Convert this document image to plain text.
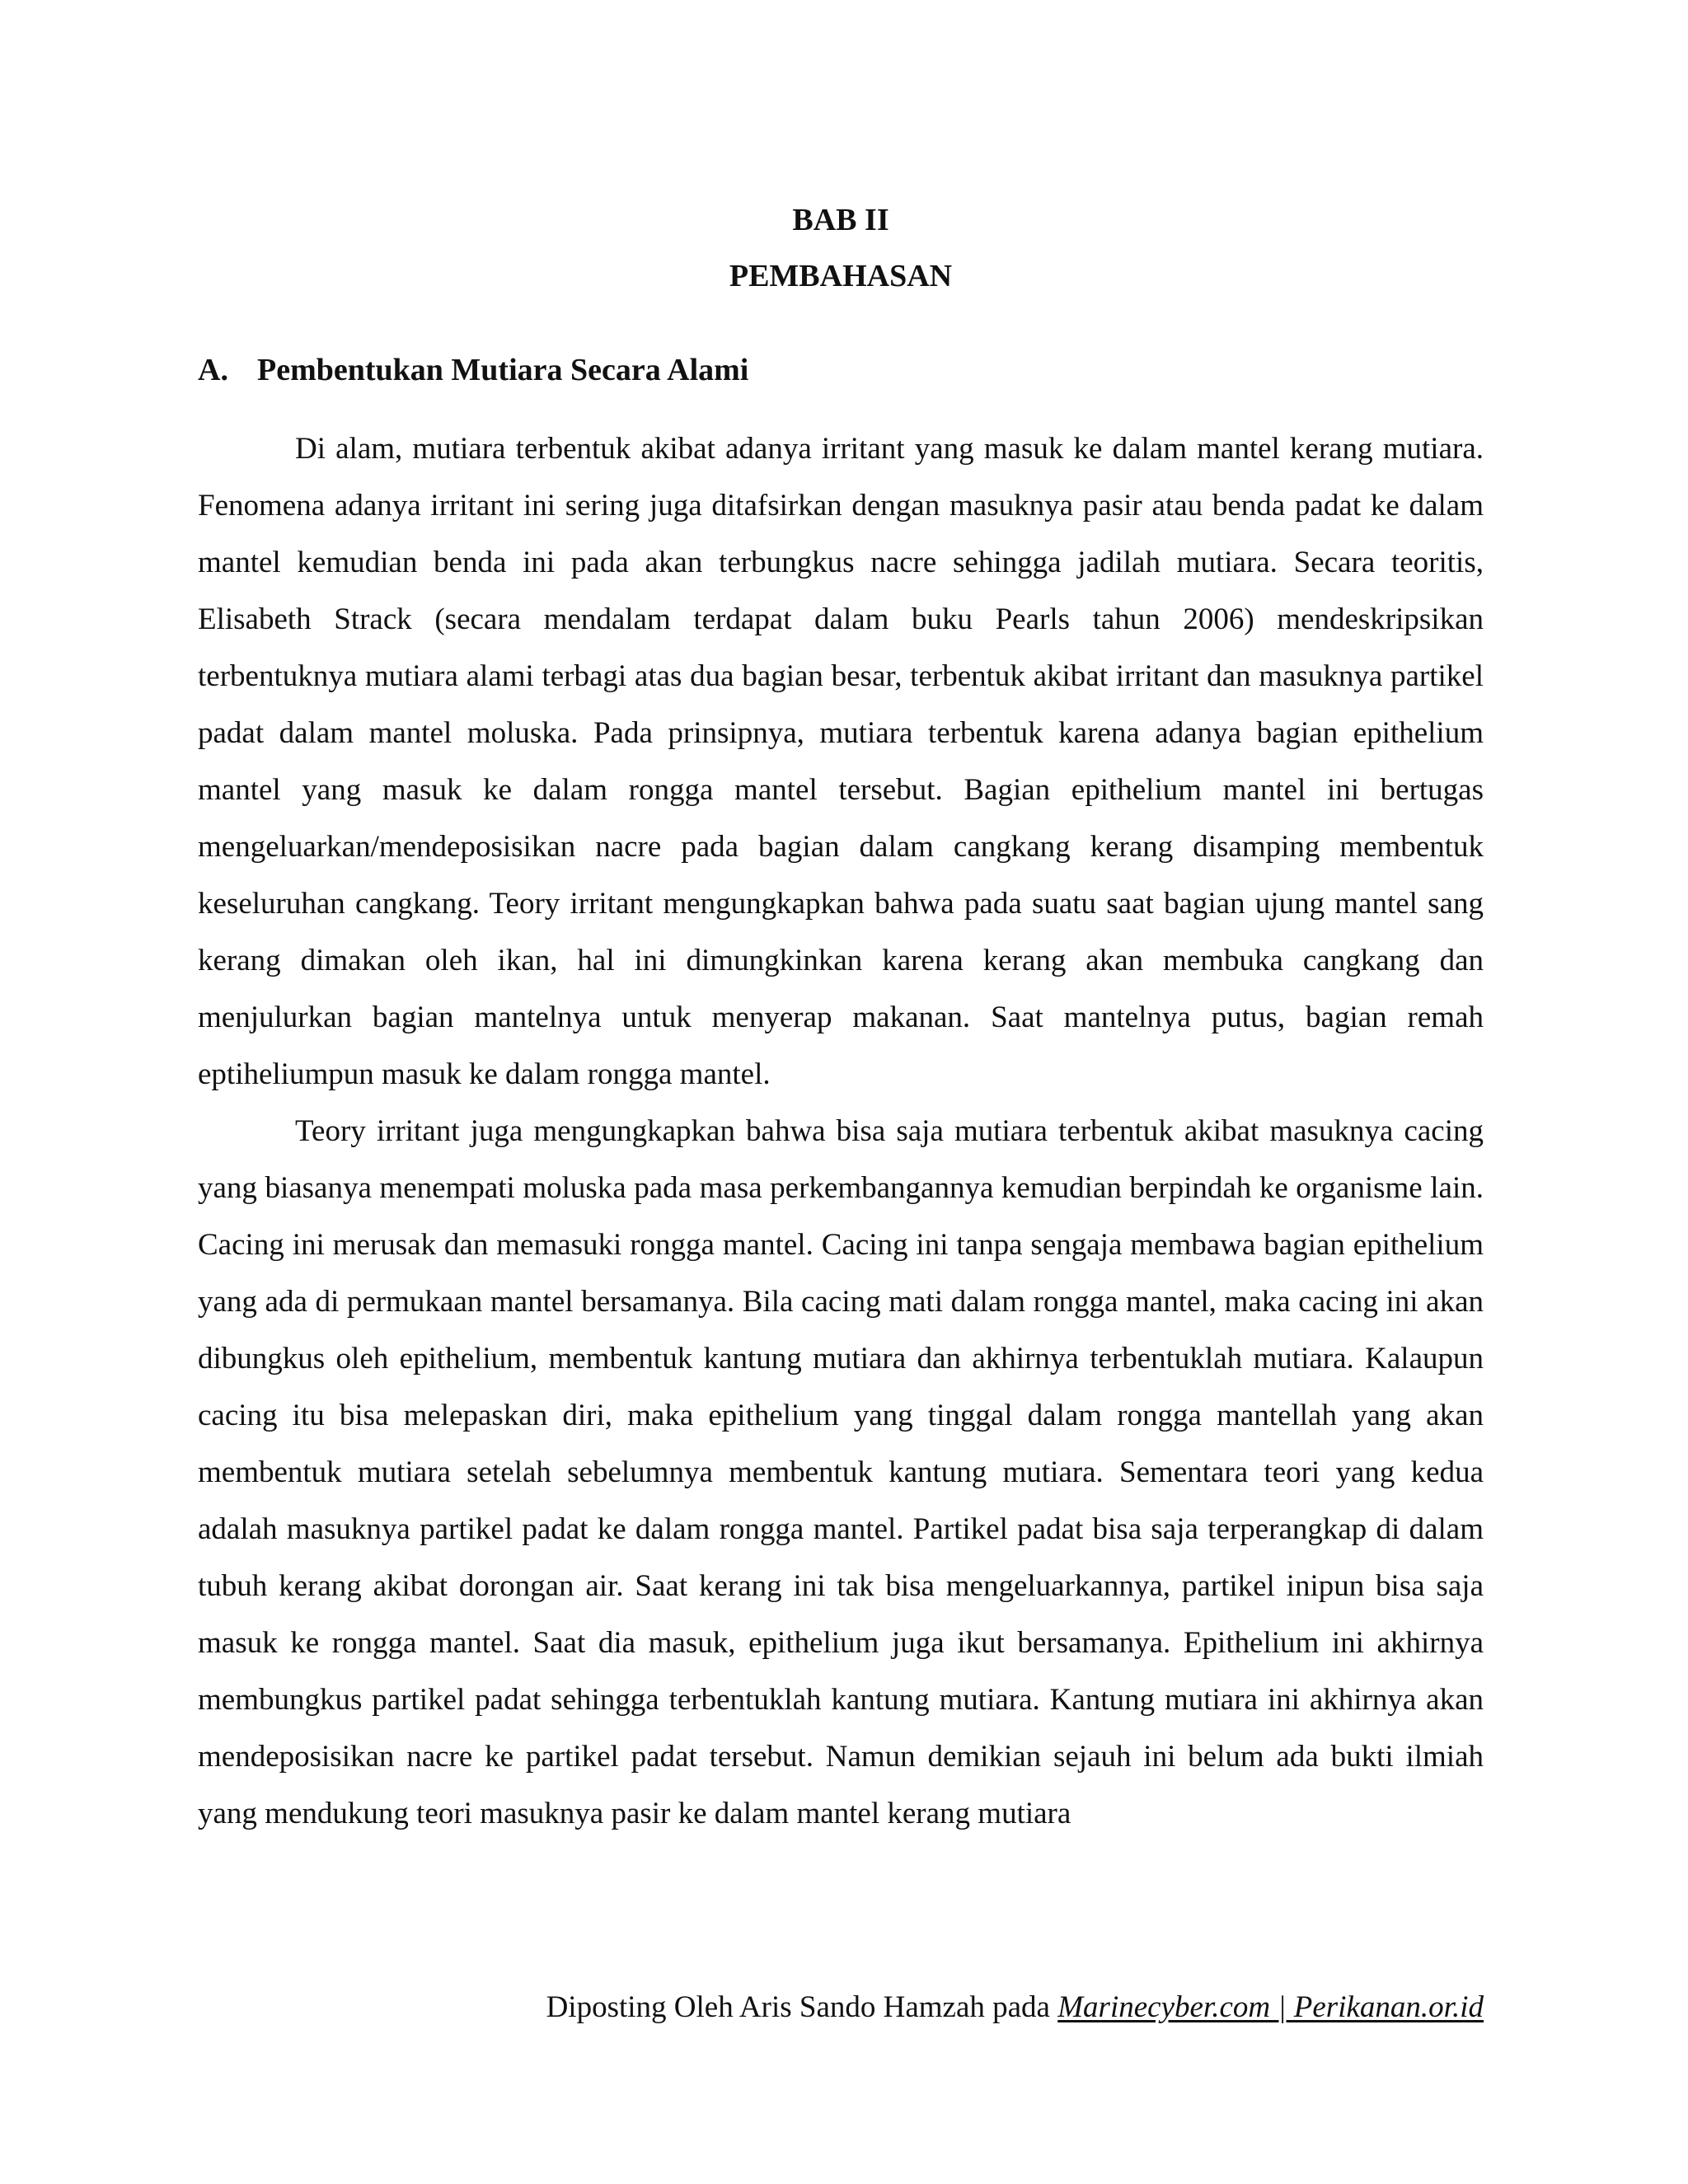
BAB II
PEMBAHASAN
A. Pembentukan Mutiara Secara Alami

Di alam, mutiara terbentuk akibat adanya irritant yang masuk ke dalam mantel kerang mutiara. Fenomena adanya irritant ini sering juga ditafsirkan dengan masuknya pasir atau benda padat ke dalam mantel kemudian benda ini pada akan terbungkus nacre sehingga jadilah mutiara. Secara teoritis, Elisabeth Strack (secara mendalam terdapat dalam buku Pearls tahun 2006) mendeskripsikan terbentuknya mutiara alami terbagi atas dua bagian besar, terbentuk akibat irritant dan masuknya partikel padat dalam mantel moluska. Pada prinsipnya, mutiara terbentuk karena adanya bagian epithelium mantel yang masuk ke dalam rongga mantel tersebut. Bagian epithelium mantel ini bertugas mengeluarkan/mendeposisikan nacre pada bagian dalam cangkang kerang disamping membentuk keseluruhan cangkang. Teory irritant mengungkapkan bahwa pada suatu saat bagian ujung mantel sang kerang dimakan oleh ikan, hal ini dimungkinkan karena kerang akan membuka cangkang dan menjulurkan bagian mantelnya untuk menyerap makanan. Saat mantelnya putus, bagian remah eptiheliumpun masuk ke dalam rongga mantel.

Teory irritant juga mengungkapkan bahwa bisa saja mutiara terbentuk akibat masuknya cacing yang biasanya menempati moluska pada masa perkembangannya kemudian berpindah ke organisme lain. Cacing ini merusak dan memasuki rongga mantel. Cacing ini tanpa sengaja membawa bagian epithelium yang ada di permukaan mantel bersamanya. Bila cacing mati dalam rongga mantel, maka cacing ini akan dibungkus oleh epithelium, membentuk kantung mutiara dan akhirnya terbentuklah mutiara. Kalaupun cacing itu bisa melepaskan diri, maka epithelium yang tinggal dalam rongga mantellah yang akan membentuk mutiara setelah sebelumnya membentuk kantung mutiara. Sementara teori yang kedua adalah masuknya partikel padat ke dalam rongga mantel. Partikel padat bisa saja terperangkap di dalam tubuh kerang akibat dorongan air. Saat kerang ini tak bisa mengeluarkannya, partikel inipun bisa saja masuk ke rongga mantel. Saat dia masuk, epithelium juga ikut bersamanya. Epithelium ini akhirnya membungkus partikel padat sehingga terbentuklah kantung mutiara. Kantung mutiara ini akhirnya akan mendeposisikan nacre ke partikel padat tersebut. Namun demikian sejauh ini belum ada bukti ilmiah yang mendukung teori masuknya pasir ke dalam mantel kerang mutiara

Diposting Oleh Aris Sando Hamzah pada Marinecyber.com | Perikanan.or.id
